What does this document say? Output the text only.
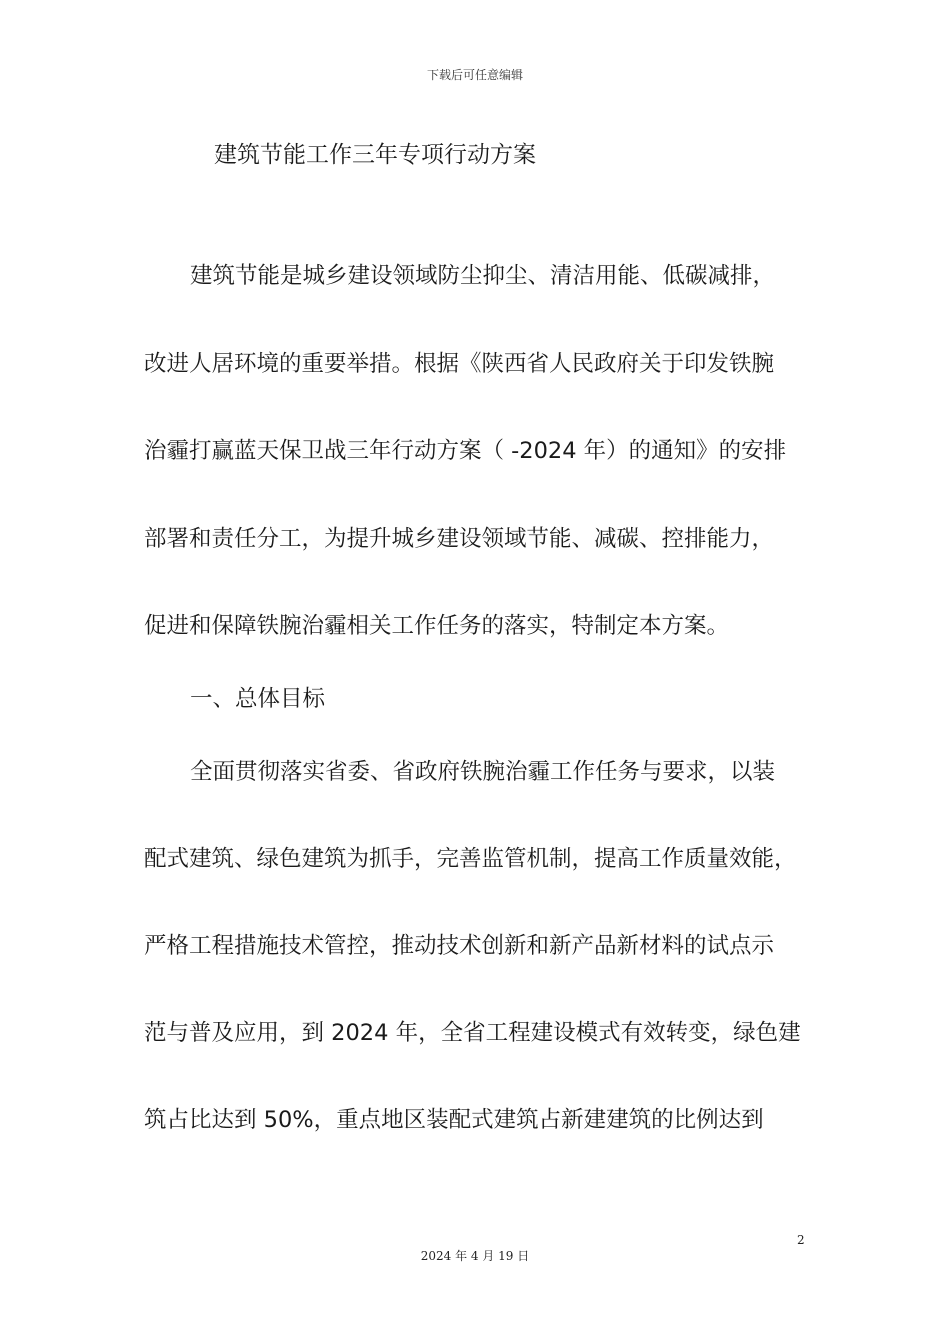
下载后可任意编辑
建筑节能工作三年专项行动方案
建筑节能是城乡建设领域防尘抑尘、清洁用能、低碳减排，
改进人居环境的重要举措。根据《陕西省人民政府关于印发铁腕
治霾打赢蓝天保卫战三年行动方案（ -2024 年）的通知》的安排
部署和责任分工，为提升城乡建设领域节能、减碳、控排能力，
促进和保障铁腕治霾相关工作任务的落实，特制定本方案。
一、总体目标
全面贯彻落实省委、省政府铁腕治霾工作任务与要求，以装
配式建筑、绿色建筑为抓手，完善监管机制，提高工作质量效能，
严格工程措施技术管控，推动技术创新和新产品新材料的试点示
范与普及应用，到 2024 年，全省工程建设模式有效转变，绿色建
筑占比达到 50%，重点地区装配式建筑占新建建筑的比例达到
2
2024 年 4 月 19 日
